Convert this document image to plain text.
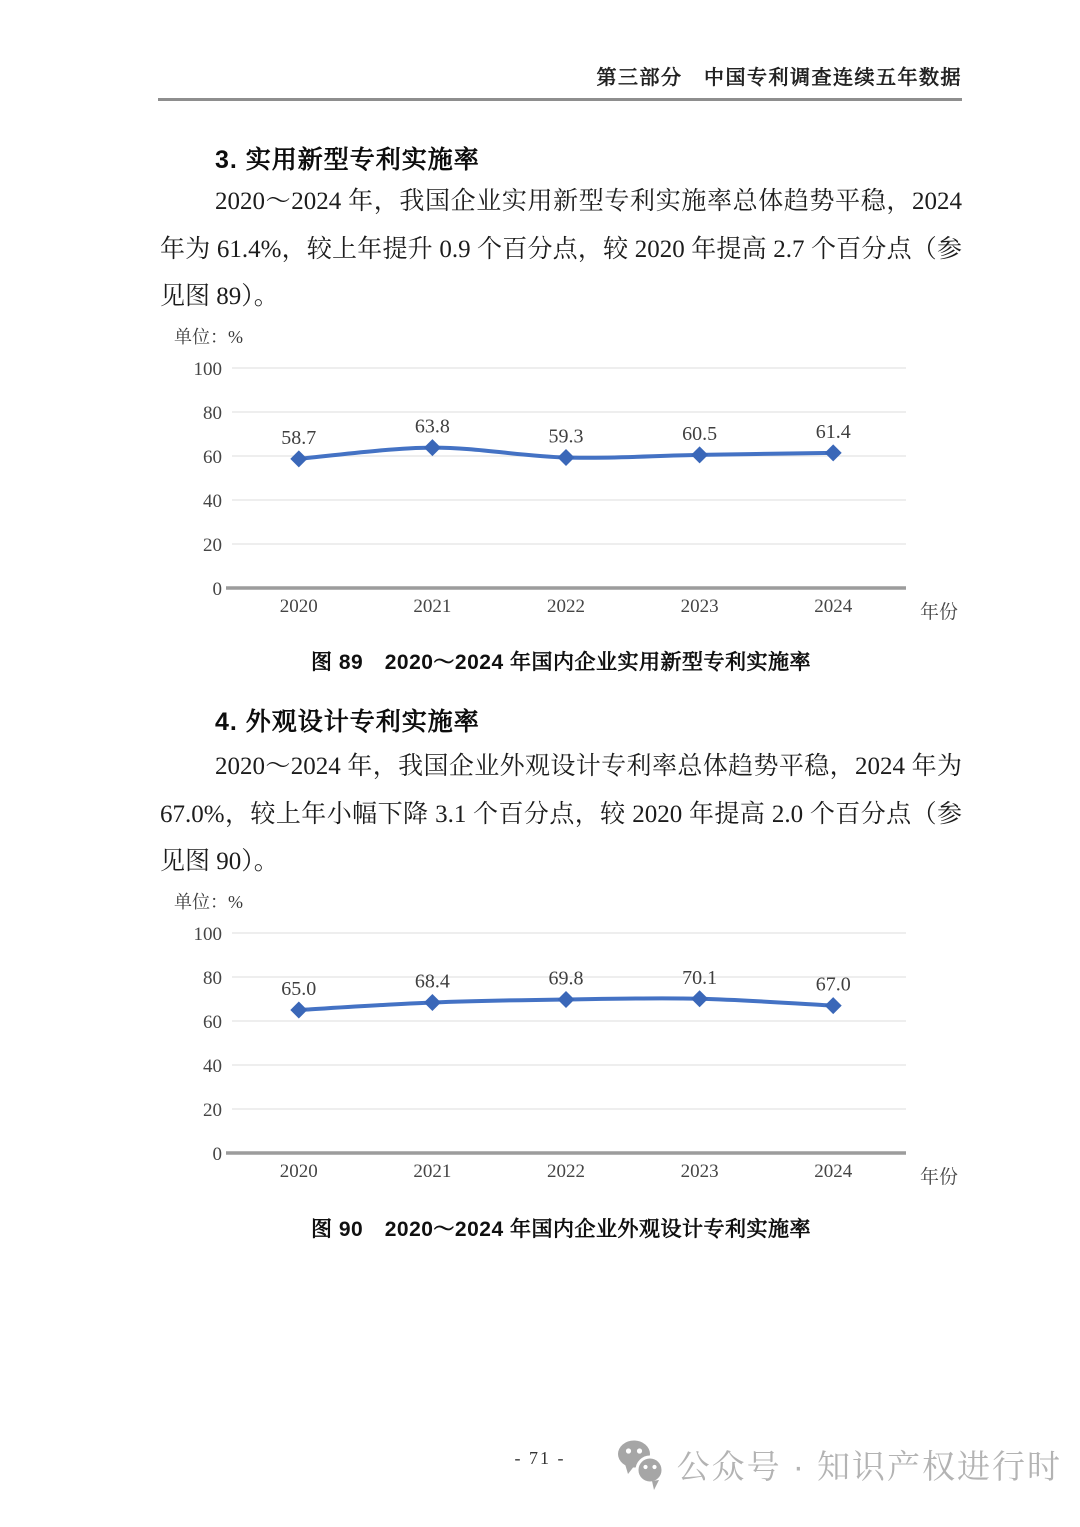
第三部分　中国专利调查连续五年数据
3. 实用新型专利实施率
2020～2024 年，我国企业实用新型专利实施率总体趋势平稳，2024 年为 61.4%，较上年提升 0.9 个百分点，较 2020 年提高 2.7 个百分点（参见图 89）。
单位：%
0
20
40
60
80
100
2020	2021	2022	2023	2024	年份
58.7
63.8	59.3	60.5	61.4
图 89　2020～2024 年国内企业实用新型专利实施率
4. 外观设计专利实施率
2020～2024 年，我国企业外观设计专利率总体趋势平稳，2024 年为 67.0%，较上年小幅下降 3.1 个百分点，较 2020 年提高 2.0 个百分点（参见图 90）。
单位：%
0
20
40
60
80
100
2020	2021	2022	2023	2024	年份
65.0	68.4	69.8	70.1	67.0
图 90　2020～2024 年国内企业外观设计专利实施率
- 71 -	公众号 · 知识产权进行时
